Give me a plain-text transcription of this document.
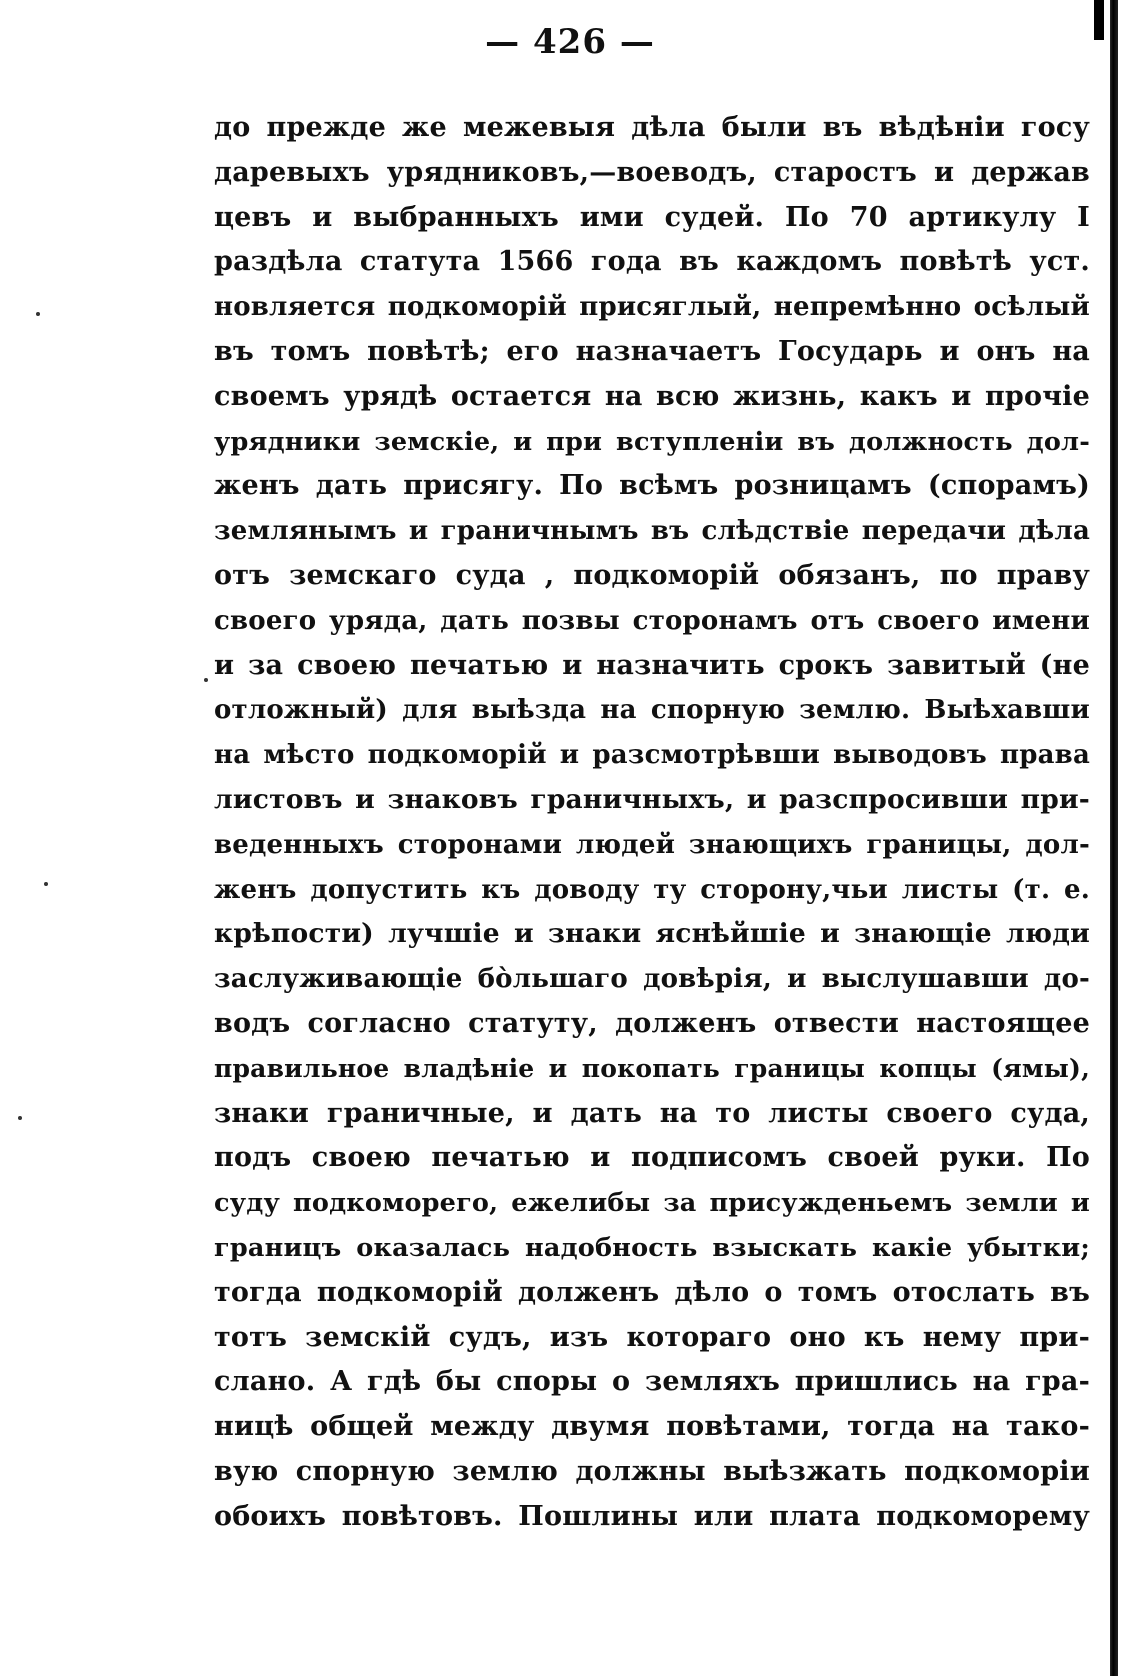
— 426 —
до прежде же межевыя дѣла были въ вѣдѣніи госу
даревыхъ урядниковъ,—воеводъ, старостъ и держав
цевъ и выбранныхъ ими судей. По 70 артикулу I
раздѣла статута 1566 года въ каждомъ повѣтѣ уст.
новляется подкоморій присяглый, непремѣнно осѣлый
въ томъ повѣтѣ; его назначаетъ Государь и онъ на
своемъ урядѣ остается на всю жизнь, какъ и прочіе
урядники земскіе, и при вступленіи въ должность дол-
женъ дать присягу. По всѣмъ розницамъ (спорамъ)
землянымъ и граничнымъ въ слѣдствіе передачи дѣла
отъ земскаго суда , подкоморій обязанъ, по праву
своего уряда, дать позвы сторонамъ отъ своего имени
и за своею печатью и назначить срокъ завитый (не
отложный) для выѣзда на спорную землю. Выѣхавши
на мѣсто подкоморій и разсмотрѣвши выводовъ права
листовъ и знаковъ граничныхъ, и разспросивши при-
веденныхъ сторонами людей знающихъ границы, дол-
женъ допустить къ доводу ту сторону,чьи листы (т. е.
крѣпости) лучшіе и знаки яснѣйшіе и знающіе люди
заслуживающіе бо̀льшаго довѣрія, и выслушавши до-
водъ согласно статуту, долженъ отвести настоящее
правильное владѣніе и покопать границы копцы (ямы),
знаки граничные, и дать на то листы своего суда,
подъ своею печатью и подписомъ своей руки. По
суду подкоморего, ежелибы за присужденьемъ земли и
границъ оказалась надобность взыскать какіе убытки;
тогда подкоморій долженъ дѣло о томъ отослать въ
тотъ земскій судъ, изъ котораго оно къ нему при-
слано. А гдѣ бы споры о земляхъ пришлись на гра-
ницѣ общей между двумя повѣтами, тогда на тако-
вую спорную землю должны выѣзжать подкоморіи
обоихъ повѣтовъ. Пошлины или плата подкоморему
